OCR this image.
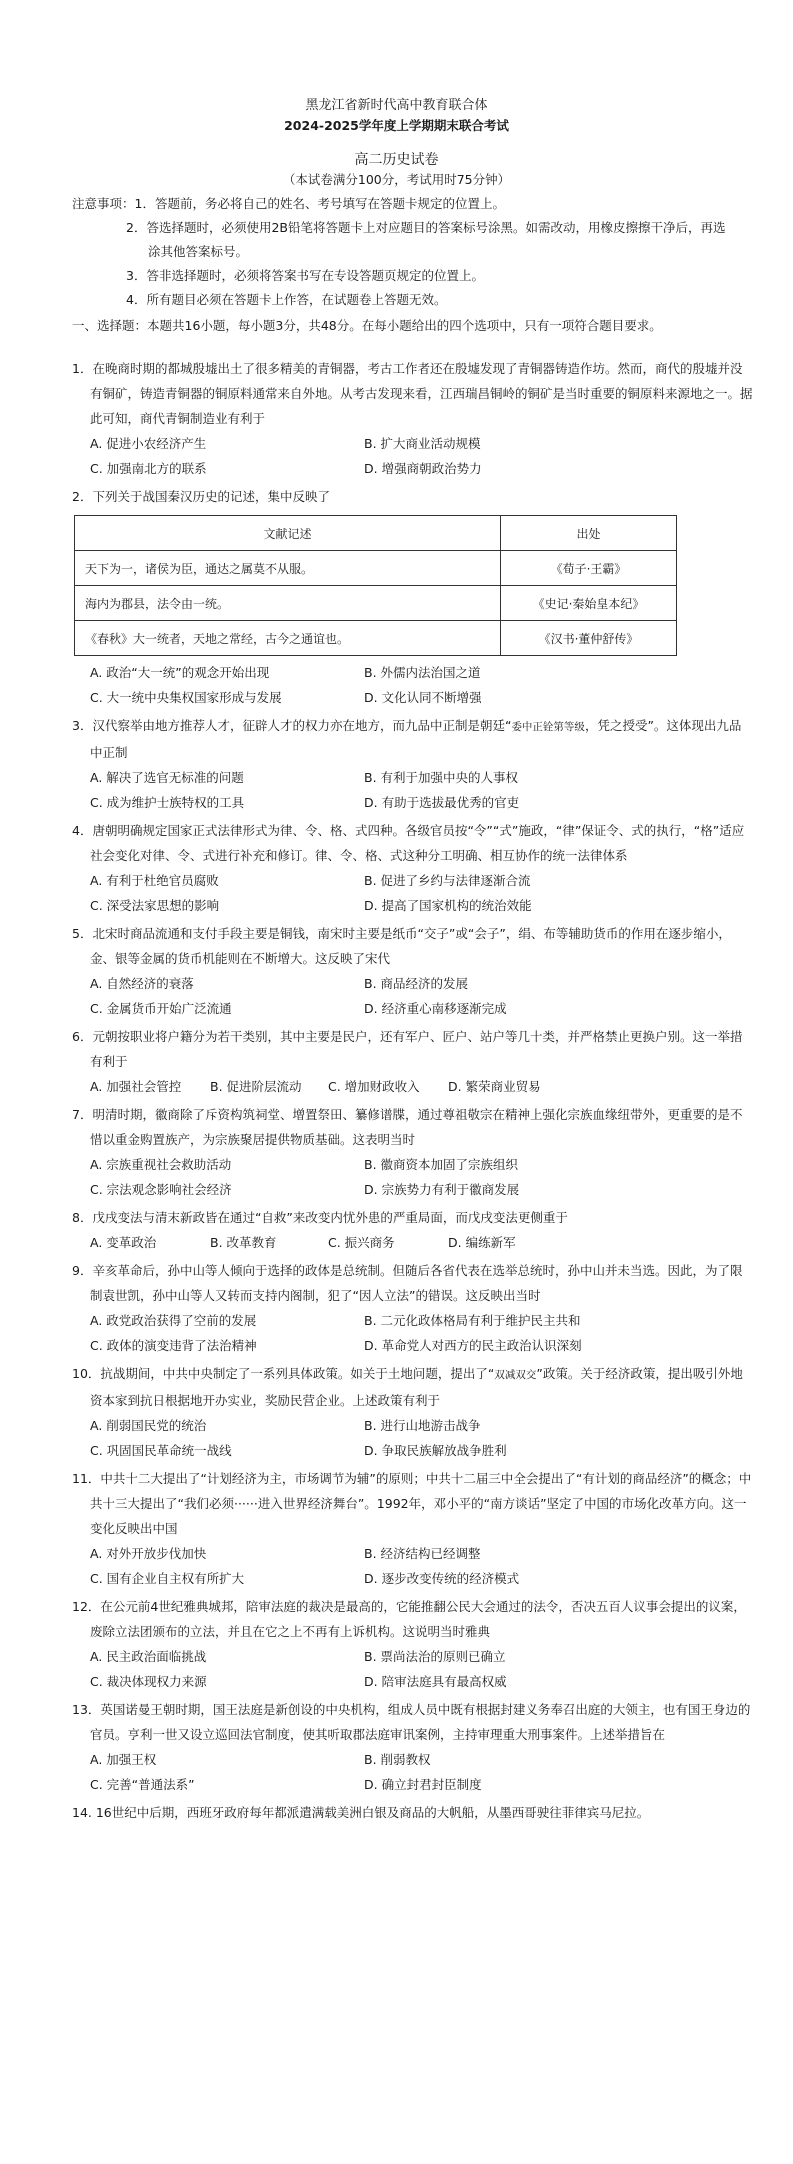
黑龙江省新时代高中教育联合体
2024-2025学年度上学期期末联合考试
高二历史试卷
（本试卷满分100分，考试用时75分钟）
注意事项： 1．答题前，务必将自己的姓名、考号填写在答题卡规定的位置上。
2．答选择题时，必须使用2B铅笔将答题卡上对应题目的答案标号涂黑。如需改动，用橡皮擦擦干净后，再选涂其他答案标号。
3．答非选择题时，必须将答案书写在专设答题页规定的位置上。
4．所有题目必须在答题卡上作答，在试题卷上答题无效。
一、选择题：本题共16小题，每小题3分，共48分。在每小题给出的四个选项中，只有一项符合题目要求。
1．在晚商时期的都城殷墟出土了很多精美的青铜器，考古工作者还在殷墟发现了青铜器铸造作坊。然而，商代的殷墟并没有铜矿，铸造青铜器的铜原料通常来自外地。从考古发现来看，江西瑞昌铜岭的铜矿是当时重要的铜原料来源地之一。据此可知，商代青铜制造业有利于
A. 促进小农经济产生	B. 扩大商业活动规模
C. 加强南北方的联系	D. 增强商朝政治势力
2．下列关于战国秦汉历史的记述，集中反映了
文献记述	出处
天下为一，诸侯为臣，通达之属莫不从服。	《荀子·王霸》
海内为郡县，法令由一统。	《史记·秦始皇本纪》
《春秋》大一统者，天地之常经，古今之通谊也。	《汉书·董仲舒传》
A. 政治“大一统”的观念开始出现	B. 外儒内法治国之道
C. 大一统中央集权国家形成与发展	D. 文化认同不断增强
3．汉代察举由地方推荐人才，征辟人才的权力亦在地方，而九品中正制是朝廷“委中正铨第等级，凭之授受”。这体现出九品中正制
A. 解决了选官无标准的问题	B. 有利于加强中央的人事权
C. 成为维护士族特权的工具	D. 有助于选拔最优秀的官吏
4．唐朝明确规定国家正式法律形式为律、令、格、式四种。各级官员按“令”“式”施政，“律”保证令、式的执行，“格”适应社会变化对律、令、式进行补充和修订。律、令、格、式这种分工明确、相互协作的统一法律体系
A. 有利于杜绝官员腐败	B. 促进了乡约与法律逐渐合流
C. 深受法家思想的影响	D. 提高了国家机构的统治效能
5．北宋时商品流通和支付手段主要是铜钱，南宋时主要是纸币“交子”或“会子”，绢、布等辅助货币的作用在逐步缩小，金、银等金属的货币机能则在不断增大。这反映了宋代
A. 自然经济的衰落	B. 商品经济的发展
C. 金属货币开始广泛流通	D. 经济重心南移逐渐完成
6．元朝按职业将户籍分为若干类别，其中主要是民户，还有军户、匠户、站户等几十类，并严格禁止更换户别。这一举措有利于
A. 加强社会管控	B. 促进阶层流动	C. 增加财政收入	D. 繁荣商业贸易
7．明清时期，徽商除了斥资构筑祠堂、增置祭田、纂修谱牒，通过尊祖敬宗在精神上强化宗族血缘纽带外，更重要的是不惜以重金购置族产，为宗族聚居提供物质基础。这表明当时
A. 宗族重视社会救助活动	B. 徽商资本加固了宗族组织
C. 宗法观念影响社会经济	D. 宗族势力有利于徽商发展
8．戊戌变法与清末新政皆在通过“自救”来改变内忧外患的严重局面，而戊戌变法更侧重于
A. 变革政治	B. 改革教育	C. 振兴商务	D. 编练新军
9．辛亥革命后，孙中山等人倾向于选择的政体是总统制。但随后各省代表在选举总统时，孙中山并未当选。因此，为了限制袁世凯，孙中山等人又转而支持内阁制，犯了“因人立法”的错误。这反映出当时
A. 政党政治获得了空前的发展	B. 二元化政体格局有利于维护民主共和
C. 政体的演变违背了法治精神	D. 革命党人对西方的民主政治认识深刻
10．抗战期间，中共中央制定了一系列具体政策。如关于土地问题，提出了“双减双交”政策。关于经济政策，提出吸引外地资本家到抗日根据地开办实业，奖励民营企业。上述政策有利于
A. 削弱国民党的统治	B. 进行山地游击战争
C. 巩固国民革命统一战线	D. 争取民族解放战争胜利
11．中共十二大提出了“计划经济为主，市场调节为辅”的原则；中共十二届三中全会提出了“有计划的商品经济”的概念；中共十三大提出了“我们必须······进入世界经济舞台”。1992年，邓小平的“南方谈话”坚定了中国的市场化改革方向。这一变化反映出中国
A. 对外开放步伐加快	B. 经济结构已经调整
C. 国有企业自主权有所扩大	D. 逐步改变传统的经济模式
12．在公元前4世纪雅典城邦，陪审法庭的裁决是最高的，它能推翻公民大会通过的法令，否决五百人议事会提出的议案，废除立法团颁布的立法，并且在它之上不再有上诉机构。这说明当时雅典
A. 民主政治面临挑战	B. 票尚法治的原则已确立
C. 裁决体现权力来源	D. 陪审法庭具有最高权威
13．英国诺曼王朝时期，国王法庭是新创设的中央机构，组成人员中既有根据封建义务奉召出庭的大领主，也有国王身边的官员。亨利一世又设立巡回法官制度，使其听取郡法庭审讯案例，主持审理重大刑事案件。上述举措旨在
A. 加强王权	B. 削弱教权
C. 完善“普通法系”	D. 确立封君封臣制度
14. 16世纪中后期，西班牙政府每年都派遣满载美洲白银及商品的大帆船，从墨西哥驶往菲律宾马尼拉。
